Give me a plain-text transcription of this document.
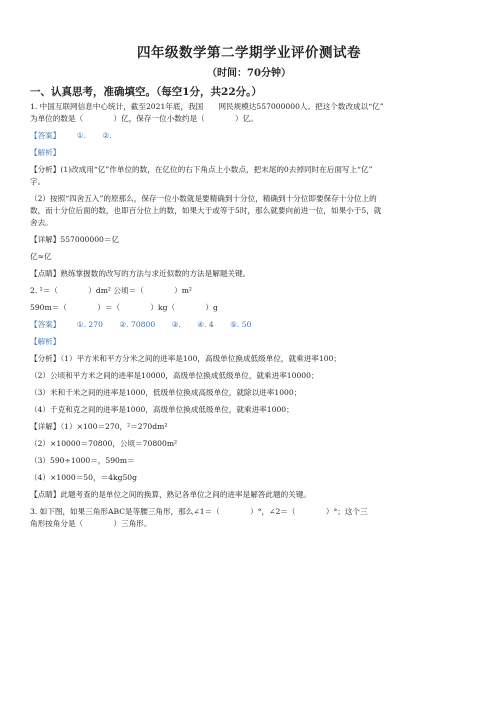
四年级数学第二学期学业评价测试卷
（时间：70分钟）
一、认真思考，准确填空。（每空1分，共22分。）
1. 中国互联网信息中心统计，截至2021年底，我国　　网民规模达557000000人。把这个数改成以“亿”
为单位的数是（　　　　）亿，保存一位小数约是（　　　　）亿。
【答案】 ①. ②.
【解析】
【分析】(1)改成用“亿”作单位的数，在亿位的右下角点上小数点，把末尾的0去掉同时在后面写上“亿”
字。
（2）按照“四舍五入”的原那么，保存一位小数就是要精确到十分位，精确到十分位即要保存十分位上的
数，而十分位后面的数，也即百分位上的数，如果大于或等于5时，那么就要向前进一位，如果小于5，就
舍去。
【详解】557000000＝亿
亿≈亿
【点睛】熟练掌握数的改写的方法与求近似数的方法是解题关键。
2. ²＝（　　　　）dm² 公顷＝（　　　　）m²
590m＝（　　　　）＝（　　　　）kg（　　　　）g
【答案】 ①. 270 ②. 70800 ③. ④. 4 ⑤. 50
【解析】
【分析】（1）平方米和平方分米之间的进率是100，高级单位换成低级单位，就乘进率100；
（2）公顷和平方米之间的进率是10000，高级单位换成低级单位，就乘进率10000；
（3）米和千米之间的进率是1000，低级单位换成高级单位，就除以进率1000；
（4）千克和克之间的进率是1000，高级单位换成低级单位，就乘进率1000；
【详解】（1）×100＝270，²＝270dm²
（2）×10000＝70800，公顷＝70800m²
（3）590÷1000＝，590m＝
（4）×1000＝50，＝4kg50g
【点睛】此题考查的是单位之间的换算，熟记各单位之间的进率是解答此题的关键。
3. 如下图，如果三角形ABC是等腰三角形，那么∠1＝（　　　　）°，∠2＝（　　　　）°；这个三
角形按角分是（　　　　）三角形。
